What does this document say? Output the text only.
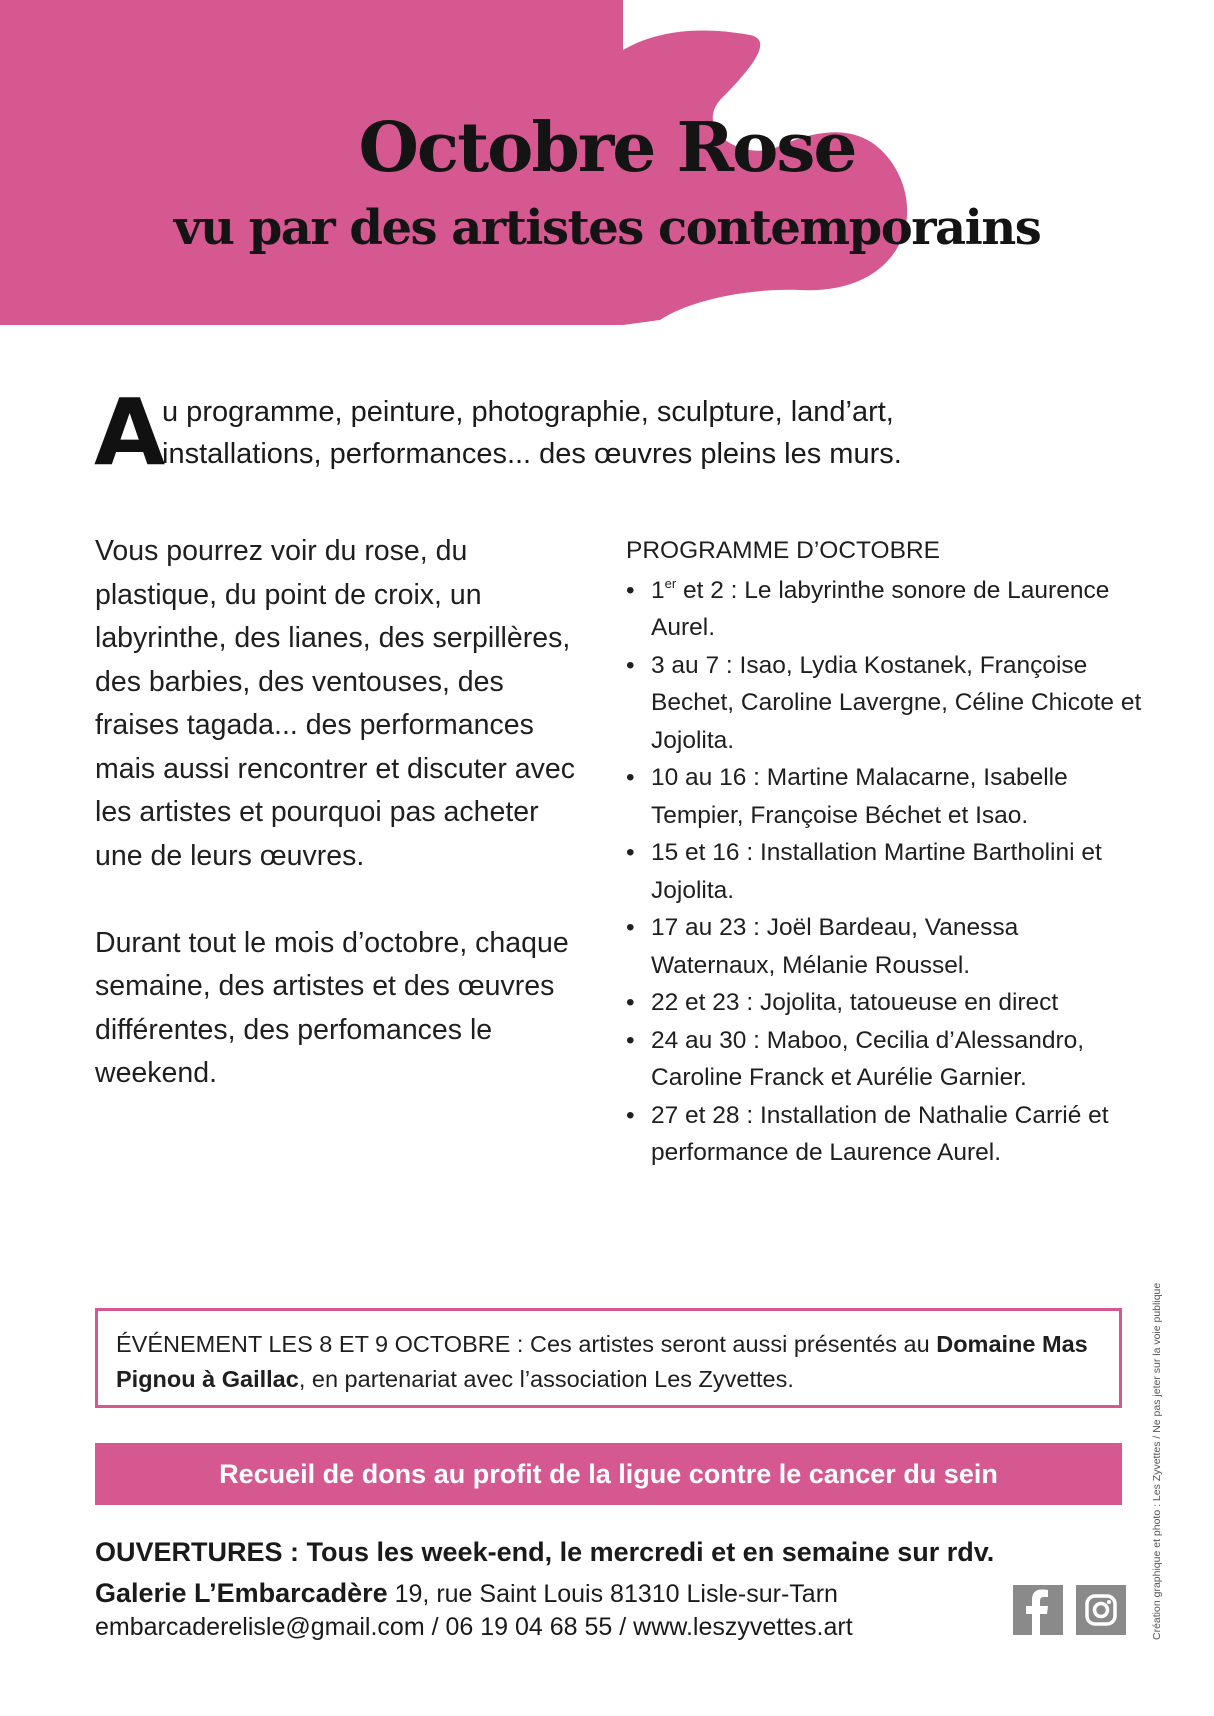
Octobre Rose
vu par des artistes contemporains
A
u programme, peinture, photographie, sculpture, land’art,
installations, performances... des œuvres pleins les murs.

Vous pourrez voir du rose, du plastique, du point de croix, un labyrinthe, des lianes, des serpillères, des barbies, des ventouses, des fraises tagada... des performances mais aussi rencontrer et discuter avec les artistes et pourquoi pas acheter une de leurs œuvres.

Durant tout le mois d’octobre, chaque semaine, des artistes et des œuvres différentes, des perfomances le weekend.

PROGRAMME D’OCTOBRE
• 1er et 2 : Le labyrinthe sonore de Laurence Aurel.
• 3 au 7 : Isao, Lydia Kostanek, Françoise Bechet, Caroline Lavergne, Céline Chicote et Jojolita.
• 10 au 16 : Martine Malacarne, Isabelle Tempier, Françoise Béchet et Isao.
• 15 et 16 : Installation Martine Bartholini et Jojolita.
• 17 au 23 : Joël Bardeau, Vanessa Waternaux, Mélanie Roussel.
• 22 et 23 : Jojolita, tatoueuse en direct
• 24 au 30 : Maboo, Cecilia d’Alessandro, Caroline Franck et Aurélie Garnier.
• 27 et 28 : Installation de Nathalie Carrié et performance de Laurence Aurel.
ÉVÉNEMENT LES 8 ET 9 OCTOBRE : Ces artistes seront aussi présentés au Domaine Mas Pignou à Gaillac, en partenariat avec l’association Les Zyvettes.
Recueil de dons au profit de la ligue contre le cancer du sein
OUVERTURES : Tous les week-end, le mercredi et en semaine sur rdv.
Galerie L’Embarcadère 19, rue Saint Louis 81310 Lisle-sur-Tarn
embarcaderelisle@gmail.com / 06 19 04 68 55 / www.leszyvettes.art	Création graphique et photo : Les Zyvettes / Ne pas jeter sur la voie publique
